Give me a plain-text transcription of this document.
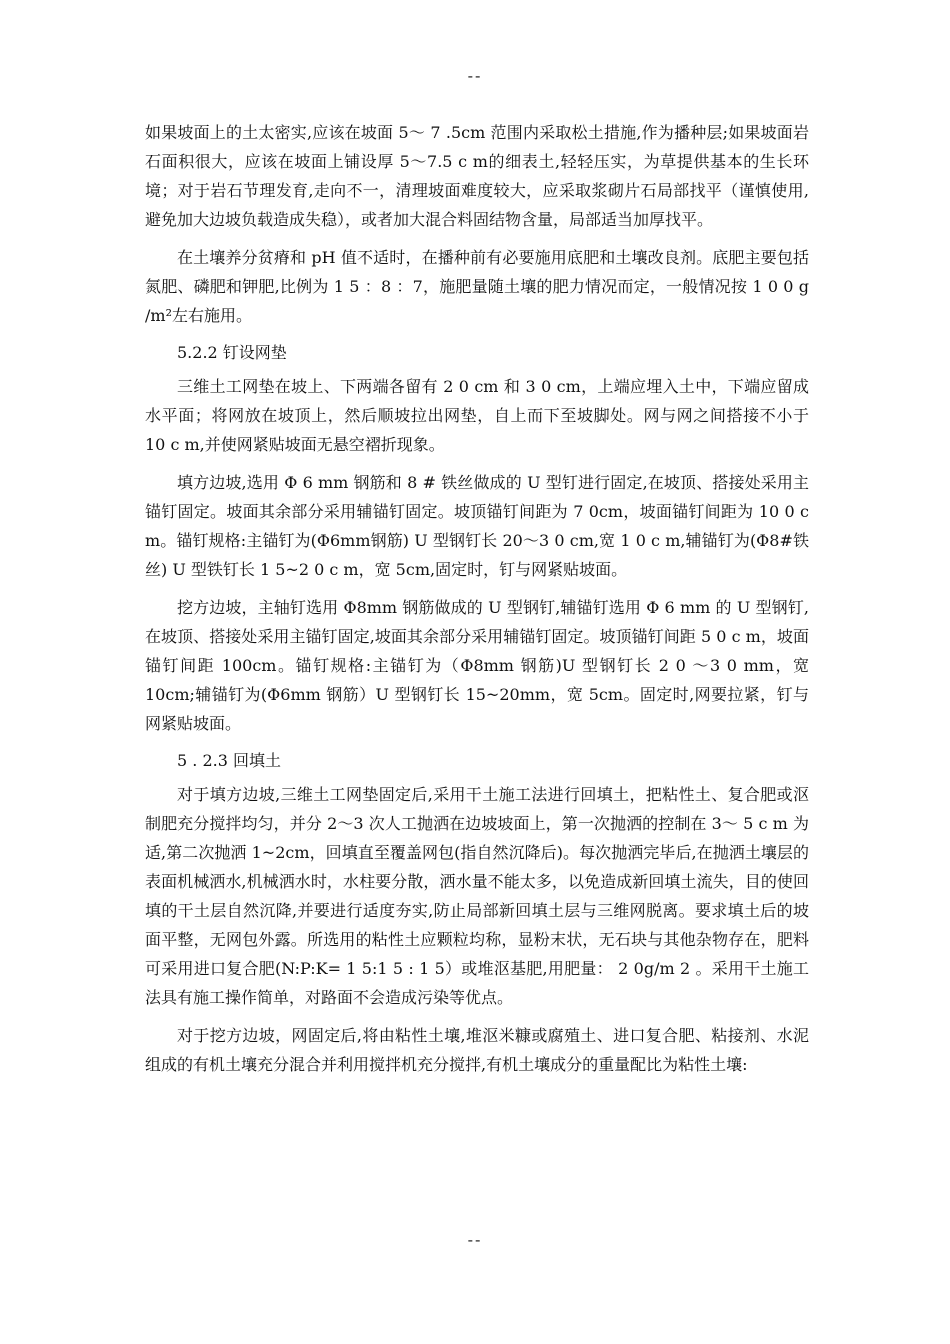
--

如果坡面上的土太密实,应该在坡面 5～ 7 .5cm 范围内采取松土措施,作为播种层;如果坡面岩石面积很大，应该在坡面上铺设厚 5～7.5 c m的细表土,轻轻压实，为草提供基本的生长环境；对于岩石节理发育,走向不一，清理坡面难度较大，应采取浆砌片石局部找平（谨慎使用,避免加大边坡负载造成失稳），或者加大混合料固结物含量，局部适当加厚找平。

在土壤养分贫瘠和 pH 值不适时，在播种前有必要施用底肥和土壤改良剂。底肥主要包括氮肥、磷肥和钾肥,比例为 1 5 ：8 ：7，施肥量随土壤的肥力情况而定，一般情况按 1 0 0 g /m²左右施用。

5.2.2 钉设网垫

三维土工网垫在坡上、下两端各留有 2 0 cm 和 3 0 cm，上端应埋入土中，下端应留成水平面；将网放在坡顶上，然后顺坡拉出网垫，自上而下至坡脚处。网与网之间搭接不小于 10 c m,并使网紧贴坡面无悬空褶折现象。

填方边坡,选用 Φ 6 mm 钢筋和 8 # 铁丝做成的 U 型钉进行固定,在坡顶、搭接处采用主锚钉固定。坡面其余部分采用辅锚钉固定。坡顶锚钉间距为 7 0cm，坡面锚钉间距为 10 0 c m。锚钉规格:主锚钉为(Φ6mm钢筋) U 型钢钉长 20～3 0 cm,宽 1 0 c m,辅锚钉为(Φ8#铁丝) U 型铁钉长 1 5~2 0 c m，宽 5cm,固定时，钉与网紧贴坡面。

挖方边坡，主轴钉选用 Φ8mm 钢筋做成的 U 型钢钉,辅锚钉选用 Φ 6 mm 的 U 型钢钉,在坡顶、搭接处采用主锚钉固定,坡面其余部分采用辅锚钉固定。坡顶锚钉间距 5 0 c m，坡面锚钉间距 100cm。锚钉规格:主锚钉为（Φ8mm 钢筋)U 型钢钉长 2 0 ～3 0 mm，宽 10cm;辅锚钉为(Φ6mm 钢筋）U 型钢钉长 15~20mm，宽 5cm。固定时,网要拉紧，钉与网紧贴坡面。

5 . 2.3 回填土

对于填方边坡,三维土工网垫固定后,采用干土施工法进行回填土，把粘性土、复合肥或沤制肥充分搅拌均匀，并分 2～3 次人工抛洒在边坡坡面上，第一次抛洒的控制在 3～ 5 c m 为适,第二次抛洒 1~2cm，回填直至覆盖网包(指自然沉降后)。每次抛洒完毕后,在抛洒土壤层的表面机械洒水,机械洒水时，水柱要分散，洒水量不能太多，以免造成新回填土流失，目的使回填的干土层自然沉降,并要进行适度夯实,防止局部新回填土层与三维网脱离。要求填土后的坡面平整，无网包外露。所选用的粘性土应颗粒均称，显粉末状，无石块与其他杂物存在，肥料可采用进口复合肥(N:P:K= 1 5:1 5 : 1 5）或堆沤基肥,用肥量： 2 0g/m 2 。采用干土施工法具有施工操作简单，对路面不会造成污染等优点。

对于挖方边坡，网固定后,将由粘性土壤,堆沤米糠或腐殖土、进口复合肥、粘接剂、水泥组成的有机土壤充分混合并利用搅拌机充分搅拌,有机土壤成分的重量配比为粘性土壤:

--
